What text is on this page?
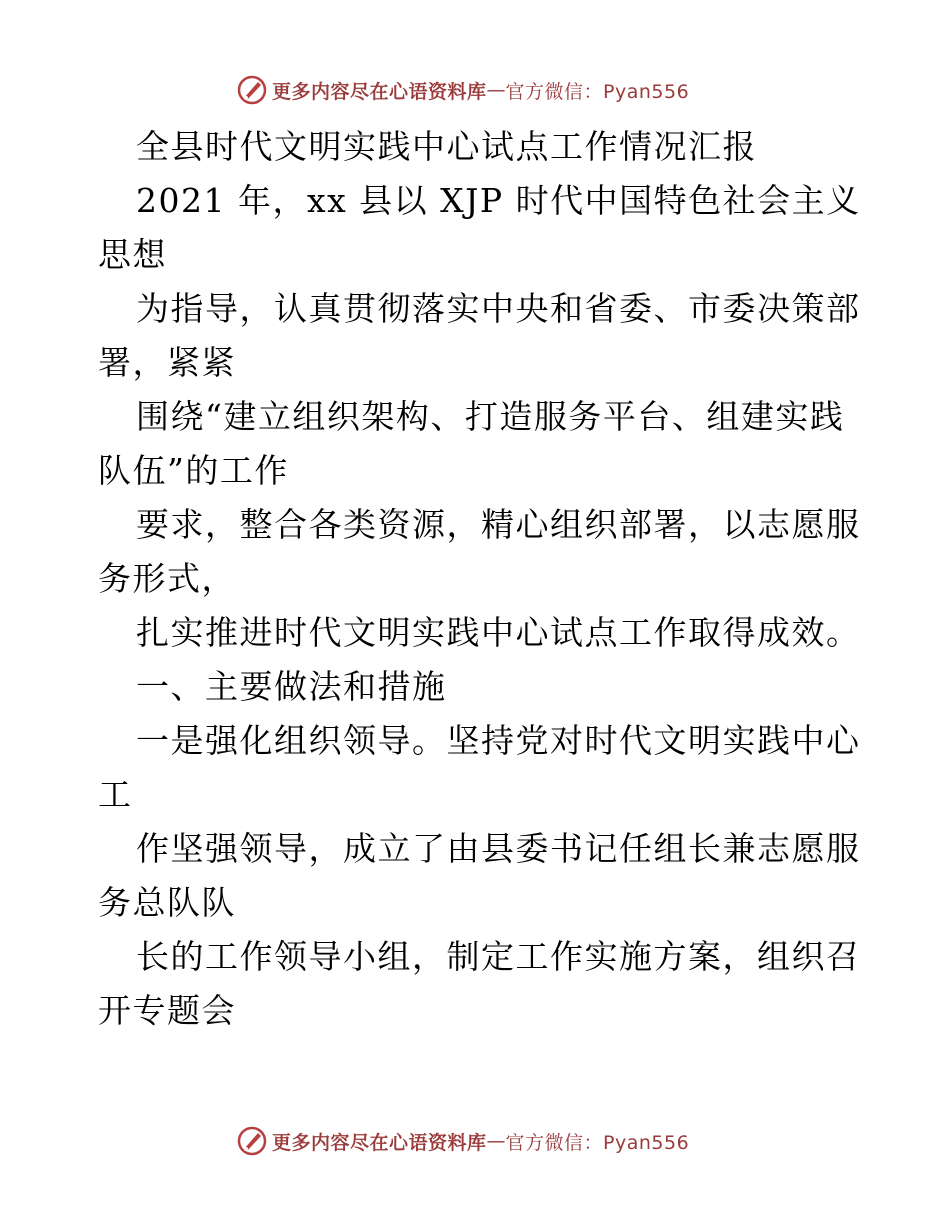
更多内容尽在心语资料库 — 官方微信：Pyan556
全县时代文明实践中心试点工作情况汇报
2021 年，xx 县以 XJP 时代中国特色社会主义
思想
为指导，认真贯彻落实中央和省委、市委决策部
署，紧紧
围绕“建立组织架构、打造服务平台、组建实践
队伍”的工作
要求，整合各类资源，精心组织部署，以志愿服
务形式，
扎实推进时代文明实践中心试点工作取得成效。
一、主要做法和措施
一是强化组织领导。坚持党对时代文明实践中心
工
作坚强领导，成立了由县委书记任组长兼志愿服
务总队队
长的工作领导小组，制定工作实施方案，组织召
开专题会
更多内容尽在心语资料库 — 官方微信：Pyan556
